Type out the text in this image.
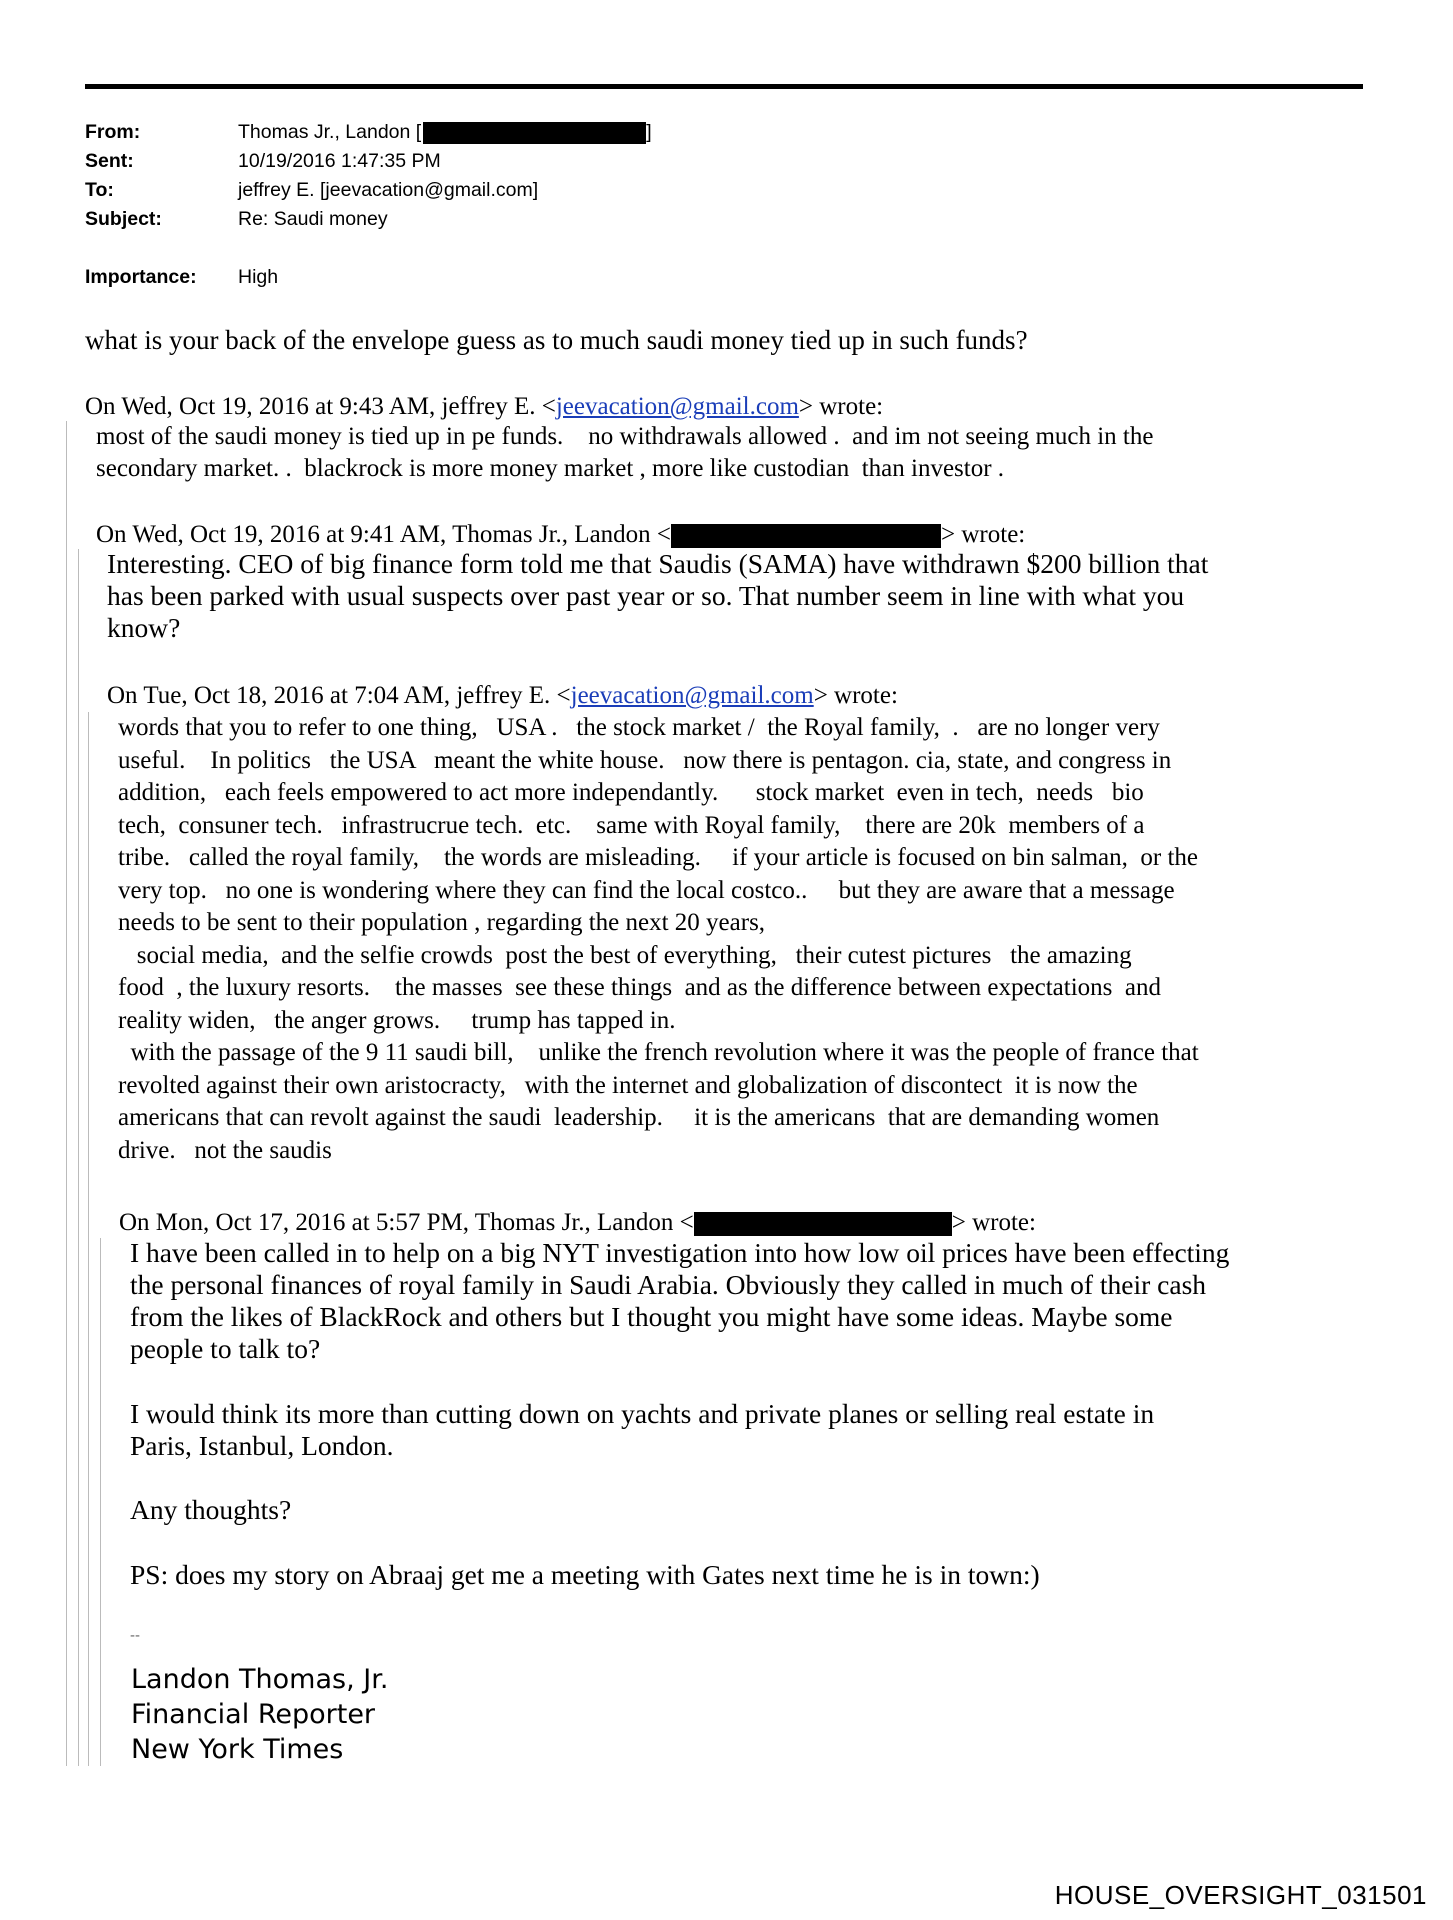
From:	Thomas Jr., Landon [	]
Sent:	10/19/2016 1:47:35 PM
To:	jeffrey E. [jeevacation@gmail.com]
Subject:	Re: Saudi money
Importance: High
what is your back of the envelope guess as to much saudi money tied up in such funds?
On Wed, Oct 19, 2016 at 9:43 AM, jeffrey E. <jeevacation@gmail.com> wrote:
most of the saudi money is tied up in pe funds.    no withdrawals allowed .  and im not seeing much in the
secondary market. .  blackrock is more money market , more like custodian  than investor .
On Wed, Oct 19, 2016 at 9:41 AM, Thomas Jr., Landon <	> wrote:
Interesting. CEO of big finance form told me that Saudis (SAMA) have withdrawn $200 billion that
has been parked with usual suspects over past year or so. That number seem in line with what you
know?
On Tue, Oct 18, 2016 at 7:04 AM, jeffrey E. <jeevacation@gmail.com> wrote:
words that you to refer to one thing,   USA .   the stock market /  the Royal family,  .   are no longer very
useful.    In politics   the USA   meant the white house.   now there is pentagon. cia, state, and congress in
addition,   each feels empowered to act more independantly.      stock market  even in tech,  needs   bio
tech,  consuner tech.   infrastrucrue tech.  etc.    same with Royal family,    there are 20k  members of a
tribe.   called the royal family,    the words are misleading.     if your article is focused on bin salman,  or the
very top.   no one is wondering where they can find the local costco..     but they are aware that a message
needs to be sent to their population , regarding the next 20 years,
social media,  and the selfie crowds  post the best of everything,   their cutest pictures   the amazing
food  , the luxury resorts.    the masses  see these things  and as the difference between expectations  and
reality widen,   the anger grows.     trump has tapped in.
with the passage of the 9 11 saudi bill,    unlike the french revolution where it was the people of france that
revolted against their own aristocracty,   with the internet and globalization of discontect  it is now the
americans that can revolt against the saudi  leadership.     it is the americans  that are demanding women
drive.   not the saudis
On Mon, Oct 17, 2016 at 5:57 PM, Thomas Jr., Landon <	> wrote:
I have been called in to help on a big NYT investigation into how low oil prices have been effecting
the personal finances of royal family in Saudi Arabia. Obviously they called in much of their cash
from the likes of BlackRock and others but I thought you might have some ideas. Maybe some
people to talk to?
I would think its more than cutting down on yachts and private planes or selling real estate in
Paris, Istanbul, London.
Any thoughts?
PS: does my story on Abraaj get me a meeting with Gates next time he is in town:)
--
Landon Thomas, Jr.
Financial Reporter
New York Times
HOUSE_OVERSIGHT_031501
